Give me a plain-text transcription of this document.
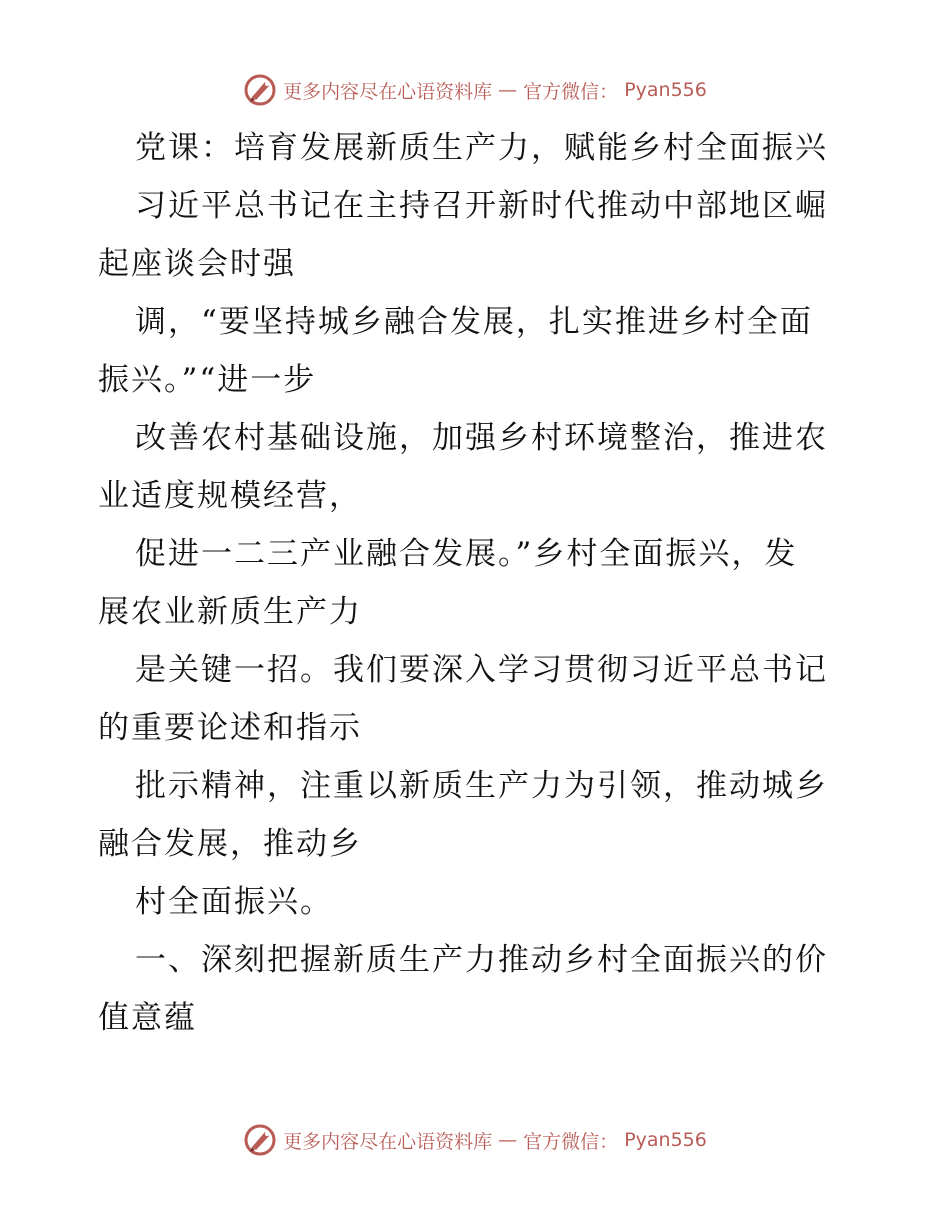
更多内容尽在心语资料库 — 官方微信： Pyan556
党课：培育发展新质生产力，赋能乡村全面振兴
习近平总书记在主持召开新时代推动中部地区崛
起座谈会时强
调，“要坚持城乡融合发展，扎实推进乡村全面
振兴。”“进一步
改善农村基础设施，加强乡村环境整治，推进农
业适度规模经营，
促进一二三产业融合发展。”乡村全面振兴，发
展农业新质生产力
是关键一招。我们要深入学习贯彻习近平总书记
的重要论述和指示
批示精神，注重以新质生产力为引领，推动城乡
融合发展，推动乡
村全面振兴。
一、深刻把握新质生产力推动乡村全面振兴的价
值意蕴
更多内容尽在心语资料库 — 官方微信： Pyan556
